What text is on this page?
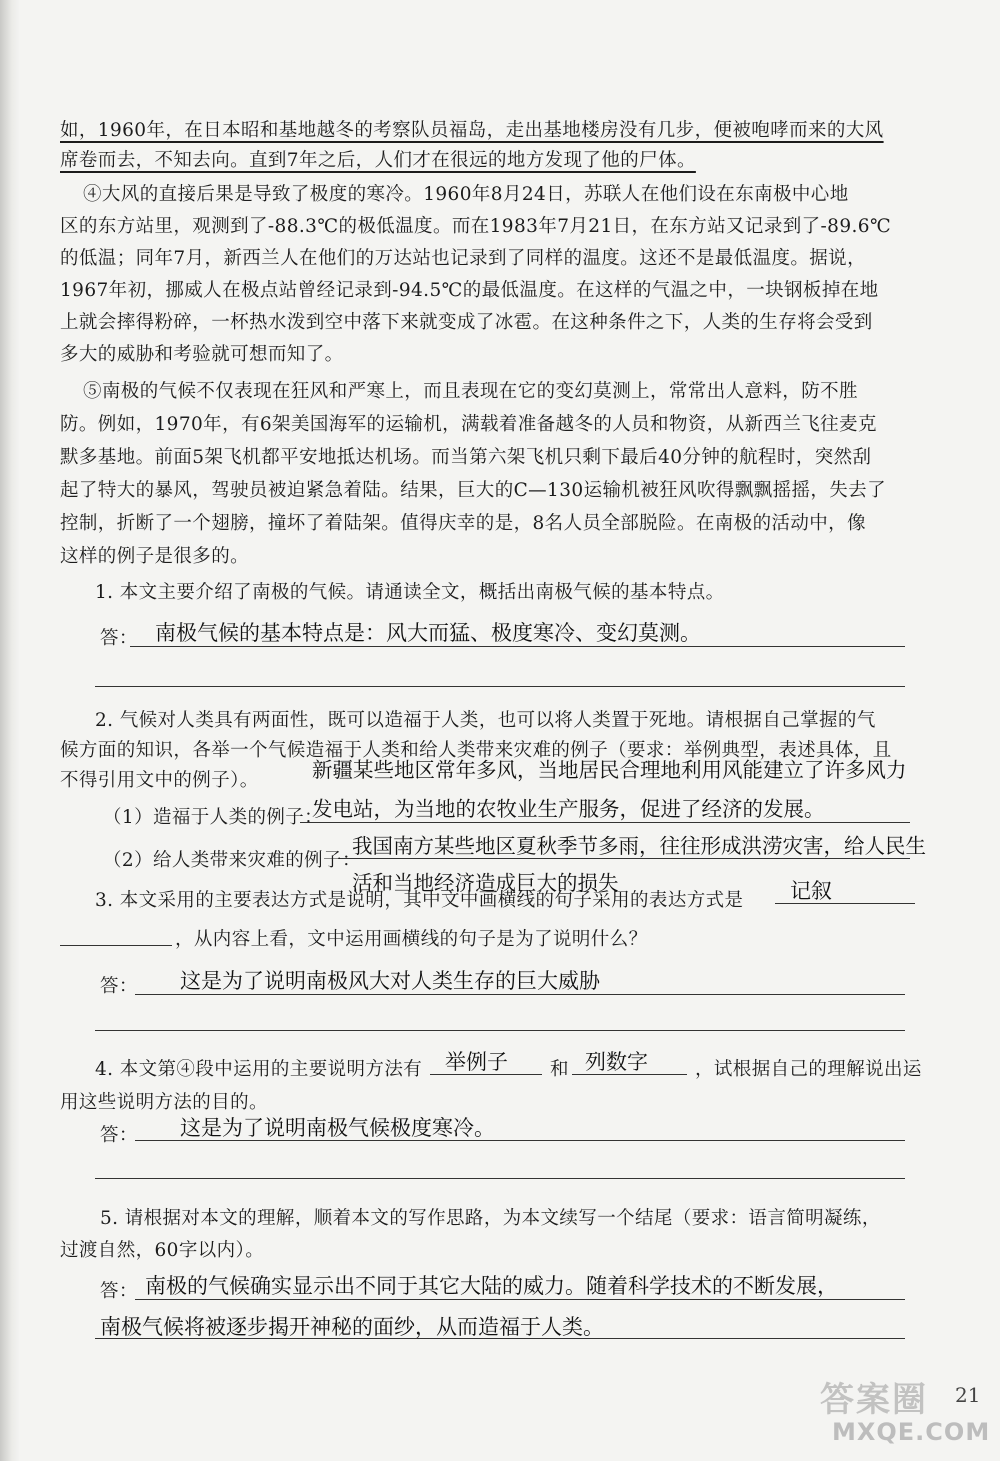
如，1960年，在日本昭和基地越冬的考察队员福岛，走出基地楼房没有几步，便被咆哮而来的大风
席卷而去，不知去向。直到7年之后，人们才在很远的地方发现了他的尸体。
④大风的直接后果是导致了极度的寒冷。1960年8月24日，苏联人在他们设在东南极中心地
区的东方站里，观测到了-88.3℃的极低温度。而在1983年7月21日，在东方站又记录到了-89.6℃
的低温；同年7月，新西兰人在他们的万达站也记录到了同样的温度。这还不是最低温度。据说，
1967年初，挪威人在极点站曾经记录到-94.5℃的最低温度。在这样的气温之中，一块钢板掉在地
上就会摔得粉碎，一杯热水泼到空中落下来就变成了冰雹。在这种条件之下，人类的生存将会受到
多大的威胁和考验就可想而知了。
⑤南极的气候不仅表现在狂风和严寒上，而且表现在它的变幻莫测上，常常出人意料，防不胜
防。例如，1970年，有6架美国海军的运输机，满载着准备越冬的人员和物资，从新西兰飞往麦克
默多基地。前面5架飞机都平安地抵达机场。而当第六架飞机只剩下最后40分钟的航程时，突然刮
起了特大的暴风，驾驶员被迫紧急着陆。结果，巨大的C—130运输机被狂风吹得飘飘摇摇，失去了
控制，折断了一个翅膀，撞坏了着陆架。值得庆幸的是，8名人员全部脱险。在南极的活动中，像
这样的例子是很多的。
1. 本文主要介绍了南极的气候。请通读全文，概括出南极气候的基本特点。
答： 南极气候的基本特点是：风大而猛、极度寒冷、变幻莫测。
2. 气候对人类具有两面性，既可以造福于人类，也可以将人类置于死地。请根据自己掌握的气
候方面的知识，各举一个气候造福于人类和给人类带来灾难的例子（要求：举例典型，表述具体，且
不得引用文中的例子）。	新疆某些地区常年多风，当地居民合理地利用风能建立了许多风力
（1）造福于人类的例子：
发电站，为当地的农牧业生产服务，促进了经济的发展。
（2）给人类带来灾难的例子：
我国南方某些地区夏秋季节多雨，往往形成洪涝灾害，给人民生
活和当地经济造成巨大的损失
3. 本文采用的主要表达方式是说明，其中文中画横线的句子采用的表达方式是 记叙
，从内容上看，文中运用画横线的句子是为了说明什么？
答： 这是为了说明南极风大对人类生存的巨大威胁
4. 本文第④段中运用的主要说明方法有 举例子 和 列数字	，试根据自己的理解说出运
用这些说明方法的目的。
答： 这是为了说明南极气候极度寒冷。
5. 请根据对本文的理解，顺着本文的写作思路，为本文续写一个结尾（要求：语言简明凝练，
过渡自然，60字以内）。
答： 南极的气候确实显示出不同于其它大陆的威力。随着科学技术的不断发展，
南极气候将被逐步揭开神秘的面纱，从而造福于人类。
21
答案圈
MXQE.COM
